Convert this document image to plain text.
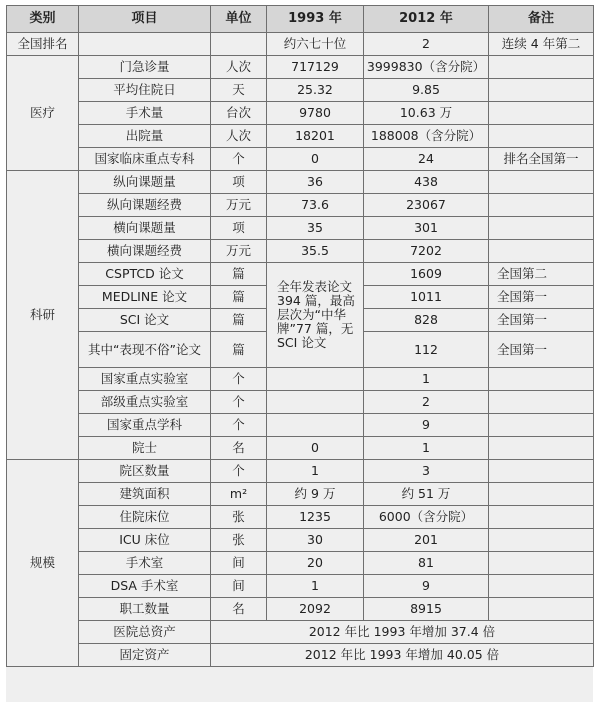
类别	项目	单位	1993 年	2012 年	备注
全国排名			约六七十位	2	连续 4 年第二
医疗	门急诊量	人次	717129	3999830（含分院）	
	平均住院日	天	25.32	9.85	
	手术量	台次	9780	10.63 万	
	出院量	人次	18201	188008（含分院）	
	国家临床重点专科	个	0	24	排名全国第一
科研	纵向课题量	项	36	438	
	纵向课题经费	万元	73.6	23067	
	横向课题量	项	35	301	
	横向课题经费	万元	35.5	7202	
	CSPTCD 论文	篇	全年发表论文 394 篇，最高层次为“中华牌”77 篇，无 SCI 论文	1609	全国第二
	MEDLINE 论文	篇		1011	全国第一
	SCI 论文	篇		828	全国第一
	其中“表现不俗”论文	篇		112	全国第一
	国家重点实验室	个		1	
	部级重点实验室	个		2	
	国家重点学科	个		9	
	院士	名	0	1	
规模	院区数量	个	1	3	
	建筑面积	m²	约 9 万	约 51 万	
	住院床位	张	1235	6000（含分院）	
	ICU 床位	张	30	201	
	手术室	间	20	81	
	DSA 手术室	间	1	9	
	职工数量	名	2092	8915	
	医院总资产	2012 年比 1993 年增加 37.4 倍			
	固定资产	2012 年比 1993 年增加 40.05 倍			
